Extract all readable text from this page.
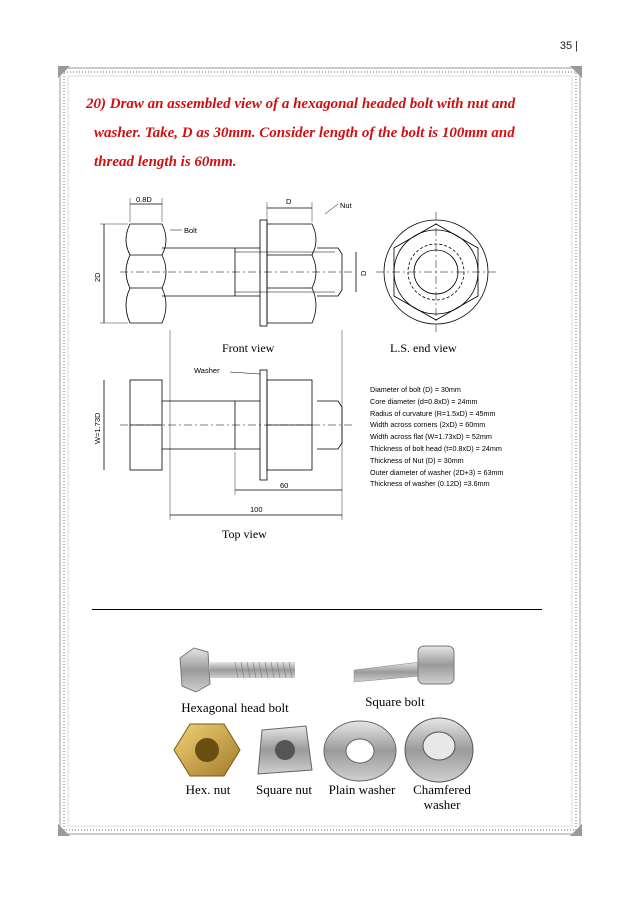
35 |
20) Draw an assembled view of a hexagonal headed bolt with nut and
washer. Take, D as 30mm. Consider length of the bolt is 100mm and
thread length is 60mm.
0.8D	D	Nut
Bolt
2D	D
Front view	L.S. end view
Washer
W=1.73D
60
100
Top view
Diameter of bolt (D) = 30mm
Core diameter (d=0.8xD) = 24mm
Radius of curvature (R=1.5xD) = 45mm
Width across corners (2xD) = 60mm
Width across flat (W=1.73xD) = 52mm
Thickness of bolt head (t=0.8xD) = 24mm
Thickness of Nut (D) = 30mm
Outer diameter of washer (2D+3) = 63mm
Thickness of washer (0.12D) =3.6mm
Hexagonal head bolt	Square bolt
Hex. nut	Square nut	Plain washer	Chamfered
washer
